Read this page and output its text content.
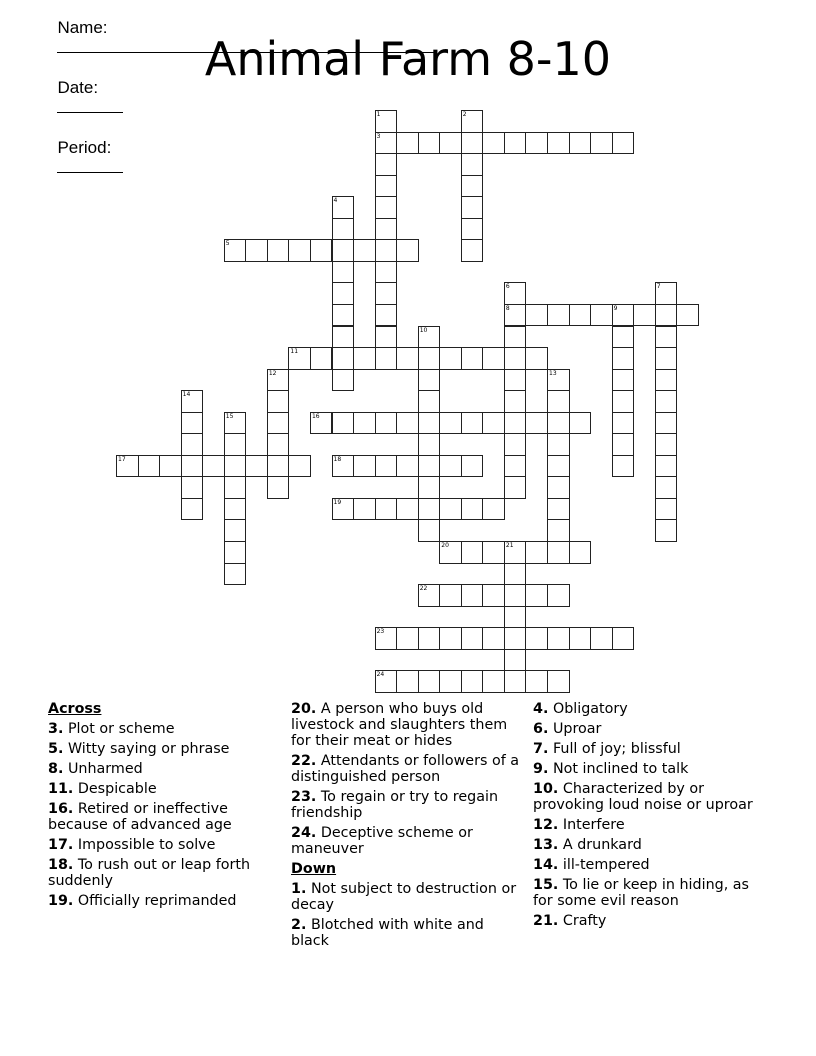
Name:

Date:

Period:

Animal Farm 8-10
1
3
2
4
5
6
8
7
9
10
11
12	13
14
15	16
17	18
19
20	21
22
23
24
Across
3. Plot or scheme
5. Witty saying or phrase
8. Unharmed
11. Despicable
16. Retired or ineffective because of advanced age
17. Impossible to solve
18. To rush out or leap forth suddenly
19. Officially reprimanded
20. A person who buys old livestock and slaughters them for their meat or hides
22. Attendants or followers of a distinguished person
23. To regain or try to regain friendship
24. Deceptive scheme or maneuver
Down
1. Not subject to destruction or decay
2. Blotched with white and black
4. Obligatory
6. Uproar
7. Full of joy; blissful
9. Not inclined to talk
10. Characterized by or provoking loud noise or uproar
12. Interfere
13. A drunkard
14. ill-tempered
15. To lie or keep in hiding, as for some evil reason
21. Crafty
